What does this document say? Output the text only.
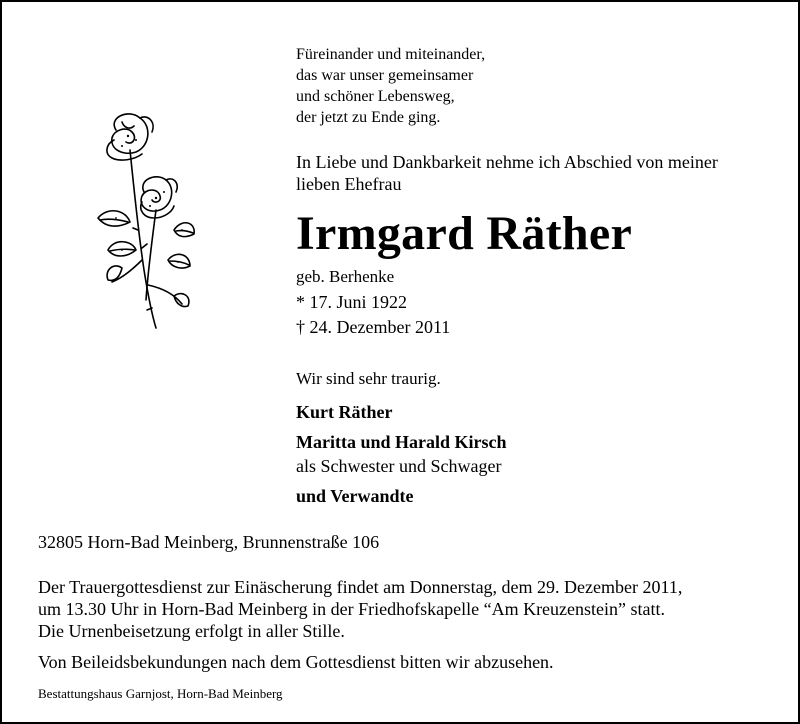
Füreinander und miteinander,
das war unser gemeinsamer
und schöner Lebensweg,
der jetzt zu Ende ging.
In Liebe und Dankbarkeit nehme ich Abschied von meiner
lieben Ehefrau
Irmgard Räther
geb. Berhenke
* 17. Juni 1922
† 24. Dezember 2011
Wir sind sehr traurig.
Kurt Räther
Maritta und Harald Kirsch
als Schwester und Schwager
und Verwandte
32805 Horn-Bad Meinberg, Brunnenstraße 106
Der Trauergottesdienst zur Einäscherung findet am Donnerstag, dem 29. Dezember 2011,
um 13.30 Uhr in Horn-Bad Meinberg in der Friedhofskapelle “Am Kreuzenstein” statt.
Die Urnenbeisetzung erfolgt in aller Stille.
Von Beileidsbekundungen nach dem Gottesdienst bitten wir abzusehen.
Bestattungshaus Garnjost, Horn-Bad Meinberg
